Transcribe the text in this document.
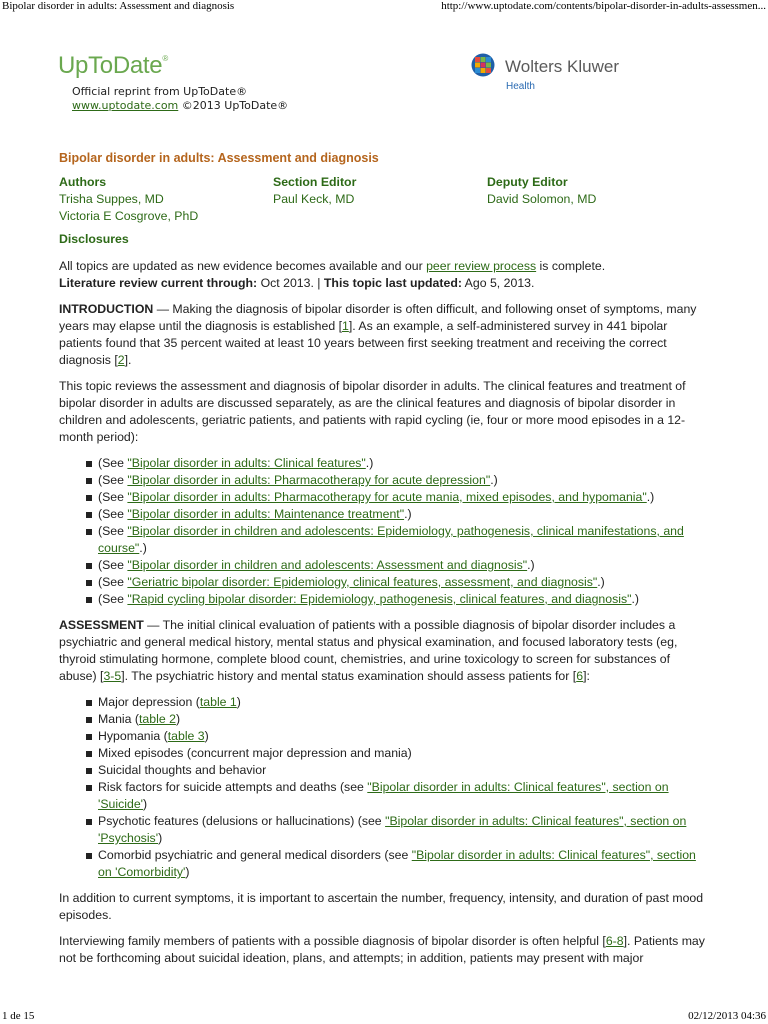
Bipolar disorder in adults: Assessment and diagnosis	http://www.uptodate.com/contents/bipolar-disorder-in-adults-assessmen...
UpToDate®
Official reprint from UpToDate®
www.uptodate.com ©2013 UpToDate®
Wolters Kluwer
Health
Bipolar disorder in adults: Assessment and diagnosis
Authors
Trisha Suppes, MD
Victoria E Cosgrove, PhD
Section Editor
Paul Keck, MD
Deputy Editor
David Solomon, MD
Disclosures

All topics are updated as new evidence becomes available and our peer review process is complete.
Literature review current through: Oct 2013. | This topic last updated: Ago 5, 2013.

INTRODUCTION — Making the diagnosis of bipolar disorder is often difficult, and following onset of symptoms, many years may elapse until the diagnosis is established [1]. As an example, a self-administered survey in 441 bipolar patients found that 35 percent waited at least 10 years between first seeking treatment and receiving the correct diagnosis [2].

This topic reviews the assessment and diagnosis of bipolar disorder in adults. The clinical features and treatment of bipolar disorder in adults are discussed separately, as are the clinical features and diagnosis of bipolar disorder in children and adolescents, geriatric patients, and patients with rapid cycling (ie, four or more mood episodes in a 12-month period):

(See "Bipolar disorder in adults: Clinical features".)
(See "Bipolar disorder in adults: Pharmacotherapy for acute depression".)
(See "Bipolar disorder in adults: Pharmacotherapy for acute mania, mixed episodes, and hypomania".)
(See "Bipolar disorder in adults: Maintenance treatment".)
(See "Bipolar disorder in children and adolescents: Epidemiology, pathogenesis, clinical manifestations, and course".)
(See "Bipolar disorder in children and adolescents: Assessment and diagnosis".)
(See "Geriatric bipolar disorder: Epidemiology, clinical features, assessment, and diagnosis".)
(See "Rapid cycling bipolar disorder: Epidemiology, pathogenesis, clinical features, and diagnosis".)

ASSESSMENT — The initial clinical evaluation of patients with a possible diagnosis of bipolar disorder includes a psychiatric and general medical history, mental status and physical examination, and focused laboratory tests (eg, thyroid stimulating hormone, complete blood count, chemistries, and urine toxicology to screen for substances of abuse) [3-5]. The psychiatric history and mental status examination should assess patients for [6]:

Major depression (table 1)
Mania (table 2)
Hypomania (table 3)
Mixed episodes (concurrent major depression and mania)
Suicidal thoughts and behavior
Risk factors for suicide attempts and deaths (see "Bipolar disorder in adults: Clinical features", section on 'Suicide')
Psychotic features (delusions or hallucinations) (see "Bipolar disorder in adults: Clinical features", section on 'Psychosis')
Comorbid psychiatric and general medical disorders (see "Bipolar disorder in adults: Clinical features", section on 'Comorbidity')

In addition to current symptoms, it is important to ascertain the number, frequency, intensity, and duration of past mood episodes.

Interviewing family members of patients with a possible diagnosis of bipolar disorder is often helpful [6-8]. Patients may not be forthcoming about suicidal ideation, plans, and attempts; in addition, patients may present with major

1 de 15	02/12/2013 04:36
